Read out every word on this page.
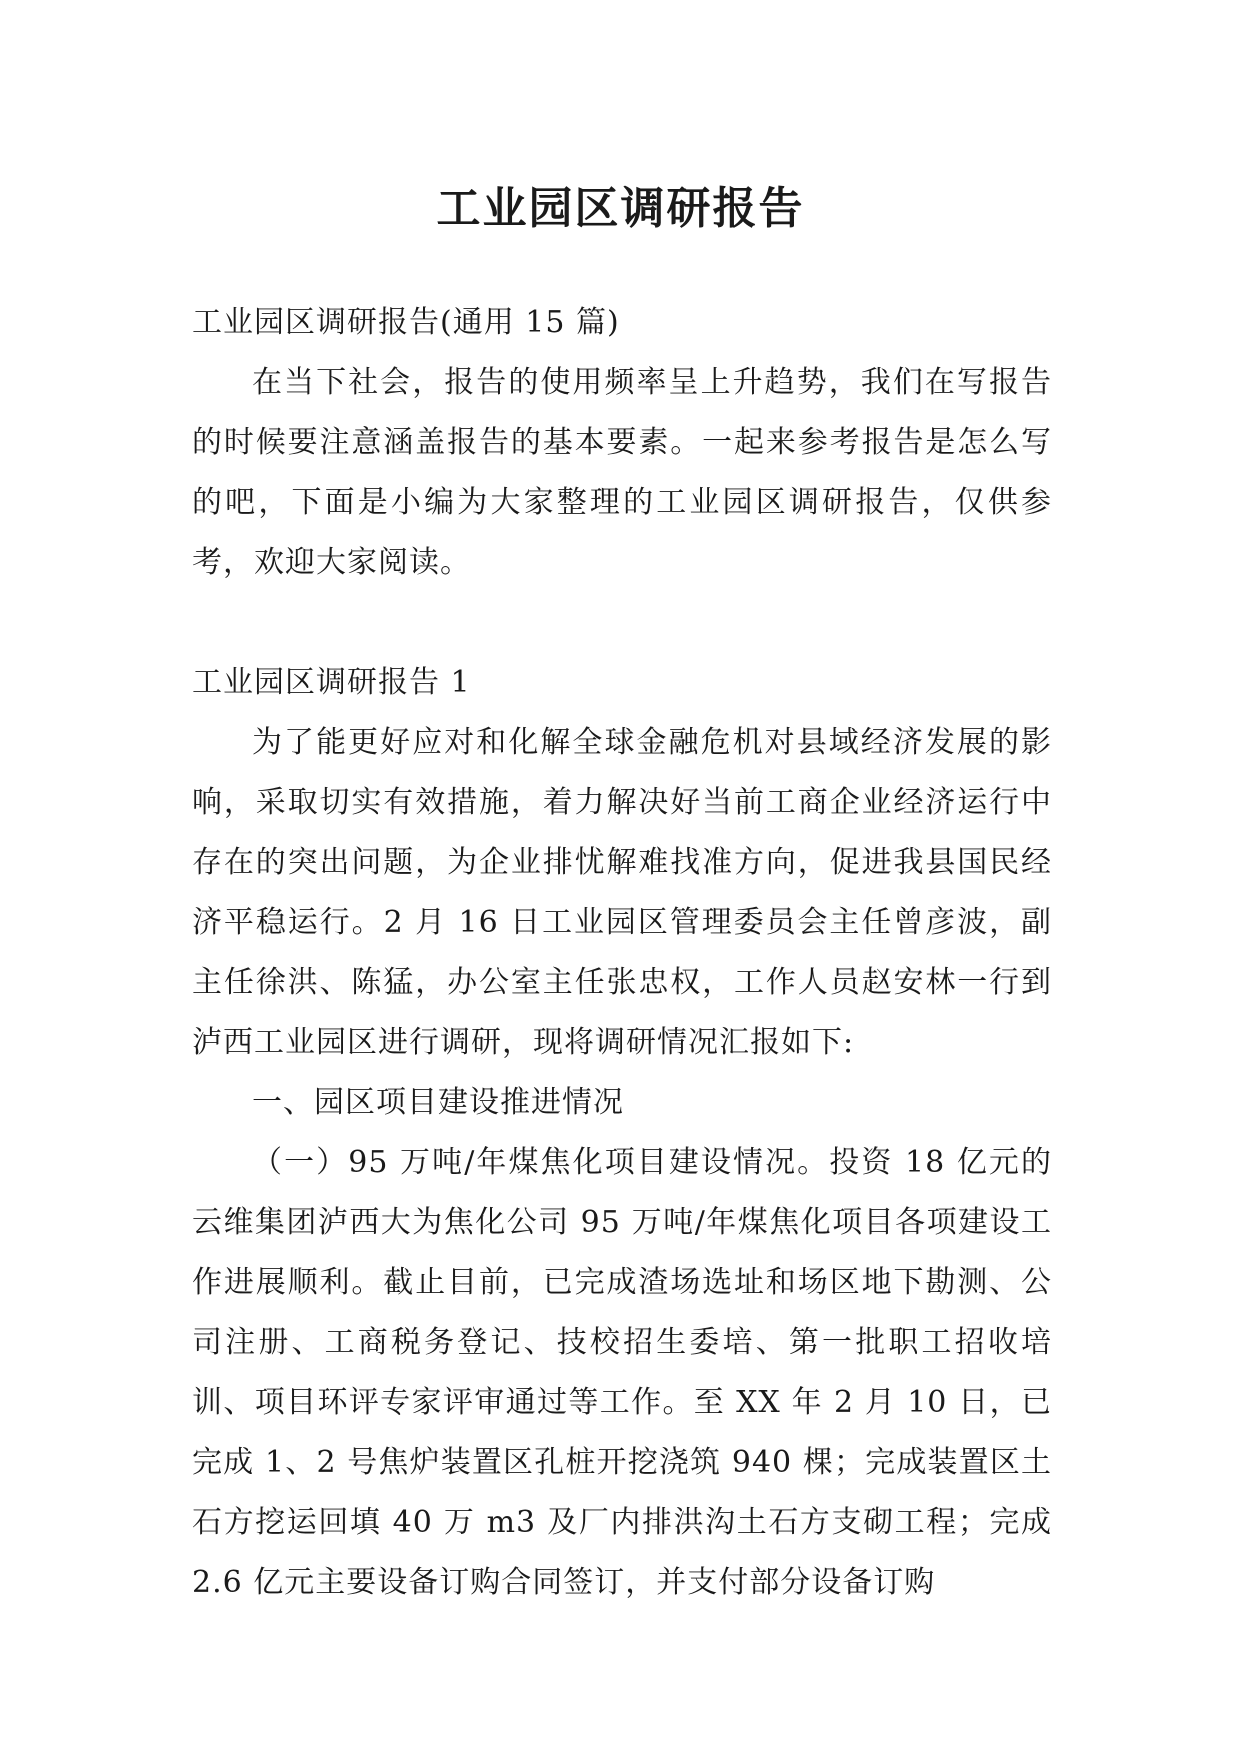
工业园区调研报告

工业园区调研报告(通用 15 篇)

在当下社会，报告的使用频率呈上升趋势，我们在写报告的时候要注意涵盖报告的基本要素。一起来参考报告是怎么写的吧，下面是小编为大家整理的工业园区调研报告，仅供参考，欢迎大家阅读。

工业园区调研报告 1

为了能更好应对和化解全球金融危机对县域经济发展的影响，采取切实有效措施，着力解决好当前工商企业经济运行中存在的突出问题，为企业排忧解难找准方向，促进我县国民经济平稳运行。2 月 16 日工业园区管理委员会主任曾彦波，副主任徐洪、陈猛，办公室主任张忠权，工作人员赵安林一行到泸西工业园区进行调研，现将调研情况汇报如下:

一、园区项目建设推进情况

（一）95 万吨/年煤焦化项目建设情况。投资 18 亿元的云维集团泸西大为焦化公司 95 万吨/年煤焦化项目各项建设工作进展顺利。截止目前，已完成渣场选址和场区地下勘测、公司注册、工商税务登记、技校招生委培、第一批职工招收培训、项目环评专家评审通过等工作。至 XX 年 2 月 10 日，已完成 1、2 号焦炉装置区孔桩开挖浇筑 940 棵；完成装置区土石方挖运回填 40 万 m3 及厂内排洪沟土石方支砌工程；完成 2.6 亿元主要设备订购合同签订，并支付部分设备订购
